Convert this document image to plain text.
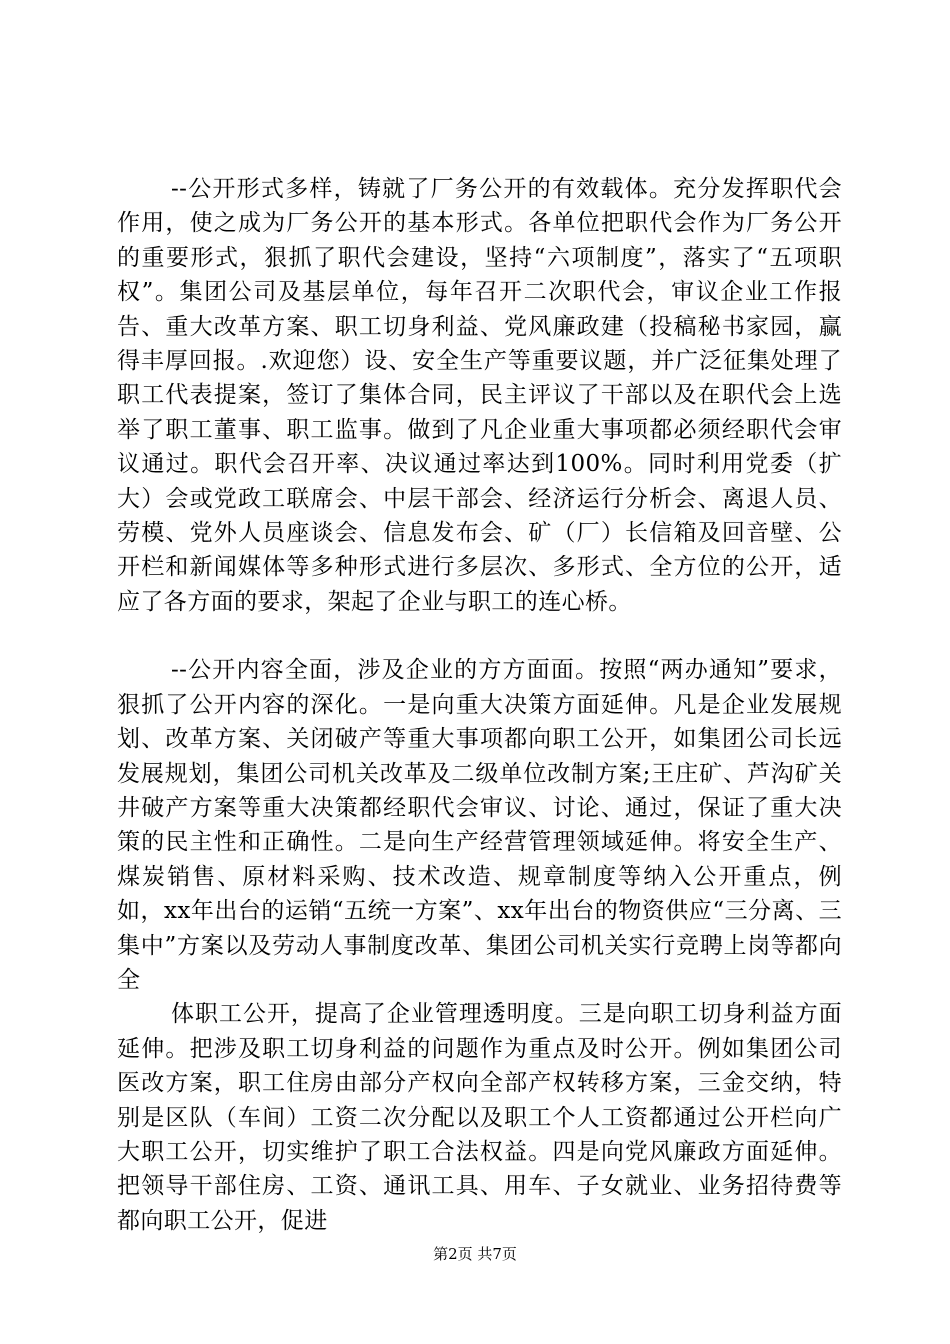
--公开形式多样，铸就了厂务公开的有效载体。充分发挥职代会作用，使之成为厂务公开的基本形式。各单位把职代会作为厂务公开的重要形式，狠抓了职代会建设，坚持“六项制度”，落实了“五项职权”。集团公司及基层单位，每年召开二次职代会，审议企业工作报告、重大改革方案、职工切身利益、党风廉政建（投稿秘书家园，赢得丰厚回报。.欢迎您）设、安全生产等重要议题，并广泛征集处理了职工代表提案，签订了集体合同，民主评议了干部以及在职代会上选举了职工董事、职工监事。做到了凡企业重大事项都必须经职代会审议通过。职代会召开率、决议通过率达到100%。同时利用党委（扩大）会或党政工联席会、中层干部会、经济运行分析会、离退人员、劳模、党外人员座谈会、信息发布会、矿（厂）长信箱及回音壁、公开栏和新闻媒体等多种形式进行多层次、多形式、全方位的公开，适应了各方面的要求，架起了企业与职工的连心桥。

--公开内容全面，涉及企业的方方面面。按照“两办通知”要求，狠抓了公开内容的深化。一是向重大决策方面延伸。凡是企业发展规划、改革方案、关闭破产等重大事项都向职工公开，如集团公司长远发展规划，集团公司机关改革及二级单位改制方案;王庄矿、芦沟矿关井破产方案等重大决策都经职代会审议、讨论、通过，保证了重大决策的民主性和正确性。二是向生产经营管理领域延伸。将安全生产、煤炭销售、原材料采购、技术改造、规章制度等纳入公开重点，例如，xx年出台的运销“五统一方案”、xx年出台的物资供应“三分离、三集中”方案以及劳动人事制度改革、集团公司机关实行竞聘上岗等都向全

体职工公开，提高了企业管理透明度。三是向职工切身利益方面延伸。把涉及职工切身利益的问题作为重点及时公开。例如集团公司医改方案，职工住房由部分产权向全部产权转移方案，三金交纳，特别是区队（车间）工资二次分配以及职工个人工资都通过公开栏向广大职工公开，切实维护了职工合法权益。四是向党风廉政方面延伸。把领导干部住房、工资、通讯工具、用车、子女就业、业务招待费等都向职工公开，促进

第2页 共7页
